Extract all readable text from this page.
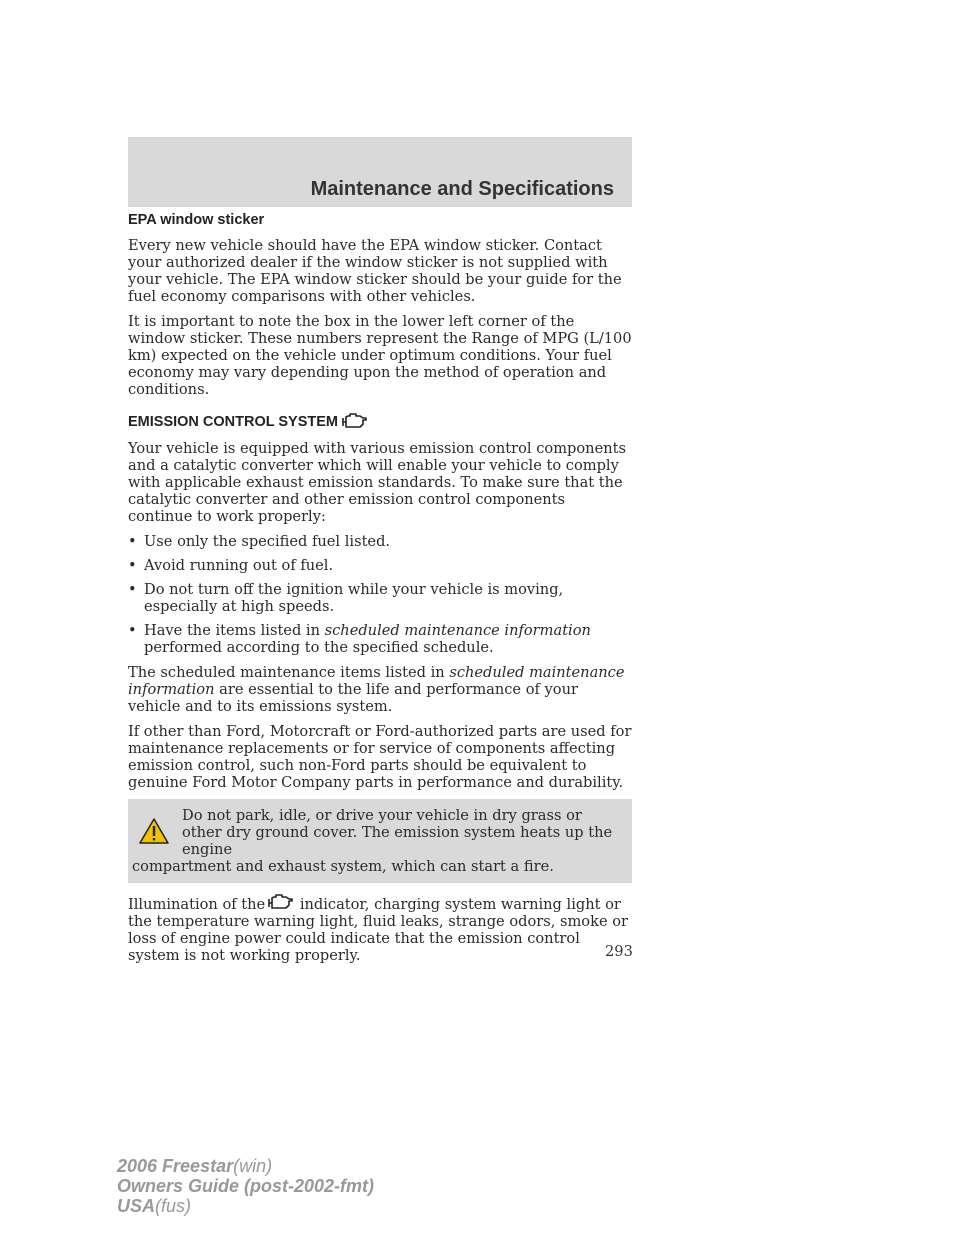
Maintenance and Specifications
EPA window sticker

Every new vehicle should have the EPA window sticker. Contact your authorized dealer if the window sticker is not supplied with your vehicle. The EPA window sticker should be your guide for the fuel economy comparisons with other vehicles.

It is important to note the box in the lower left corner of the window sticker. These numbers represent the Range of MPG (L/100 km) expected on the vehicle under optimum conditions. Your fuel economy may vary depending upon the method of operation and conditions.

EMISSION CONTROL SYSTEM

Your vehicle is equipped with various emission control components and a catalytic converter which will enable your vehicle to comply with applicable exhaust emission standards. To make sure that the catalytic converter and other emission control components continue to work properly:

• Use only the specified fuel listed.
• Avoid running out of fuel.
• Do not turn off the ignition while your vehicle is moving, especially at high speeds.
• Have the items listed in scheduled maintenance information performed according to the specified schedule.

The scheduled maintenance items listed in scheduled maintenance information are essential to the life and performance of your vehicle and to its emissions system.

If other than Ford, Motorcraft or Ford-authorized parts are used for maintenance replacements or for service of components affecting emission control, such non-Ford parts should be equivalent to genuine Ford Motor Company parts in performance and durability.

Do not park, idle, or drive your vehicle in dry grass or other dry ground cover. The emission system heats up the engine
compartment and exhaust system, which can start a fire.

Illumination of the indicator, charging system warning light or the temperature warning light, fluid leaks, strange odors, smoke or loss of engine power could indicate that the emission control system is not working properly.	293
2006 Freestar(win)
Owners Guide (post-2002-fmt)
USA(fus)
